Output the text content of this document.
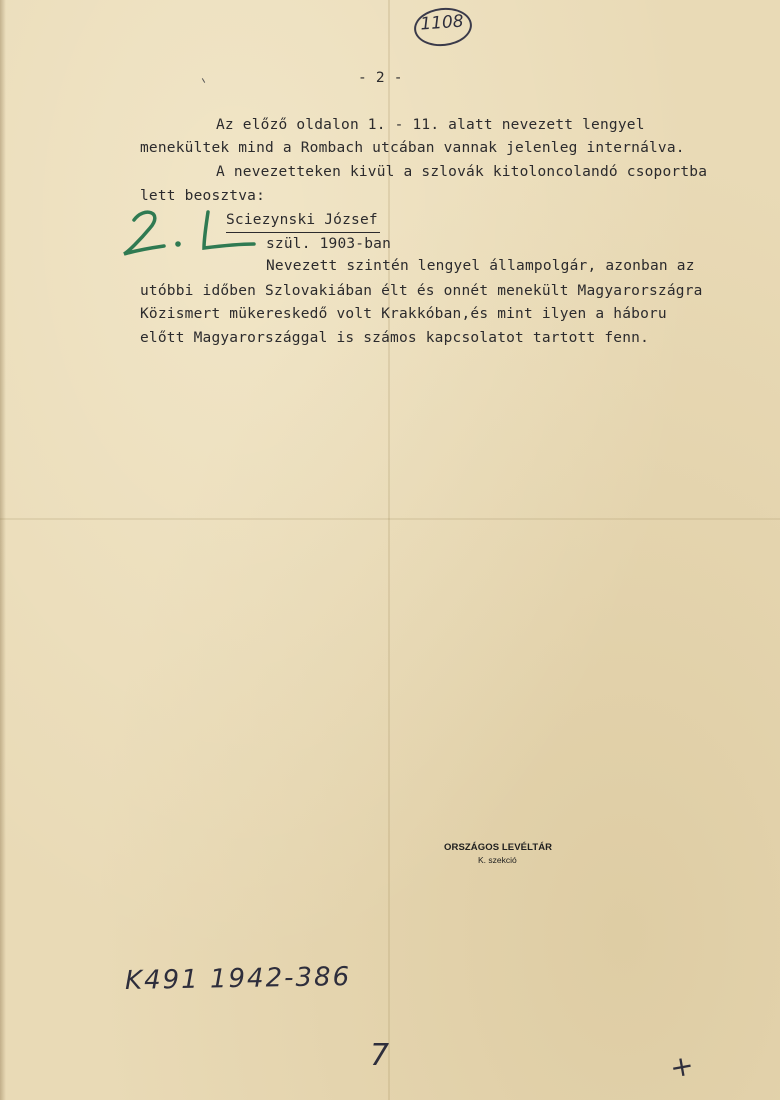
1108
- 2 -
Az előző oldalon 1. - 11. alatt nevezett lengyel
menekültek mind a Rombach utcában vannak jelenleg internálva.
A nevezetteken kivül a szlovák kitoloncolandó csoportba
lett beosztva:
Sciezynski József
szül. 1903-ban
Nevezett szintén lengyel állampolgár, azonban az
utóbbi időben Szlovakiában élt és onnét menekült Magyarországra
Közismert mükereskedő volt Krakkóban,és mint ilyen a háboru
előtt Magyarországgal is számos kapcsolatot tartott fenn.
ORSZÁGOS LEVÉLTÁR
K. szekció
K491 1942-386
7	+
